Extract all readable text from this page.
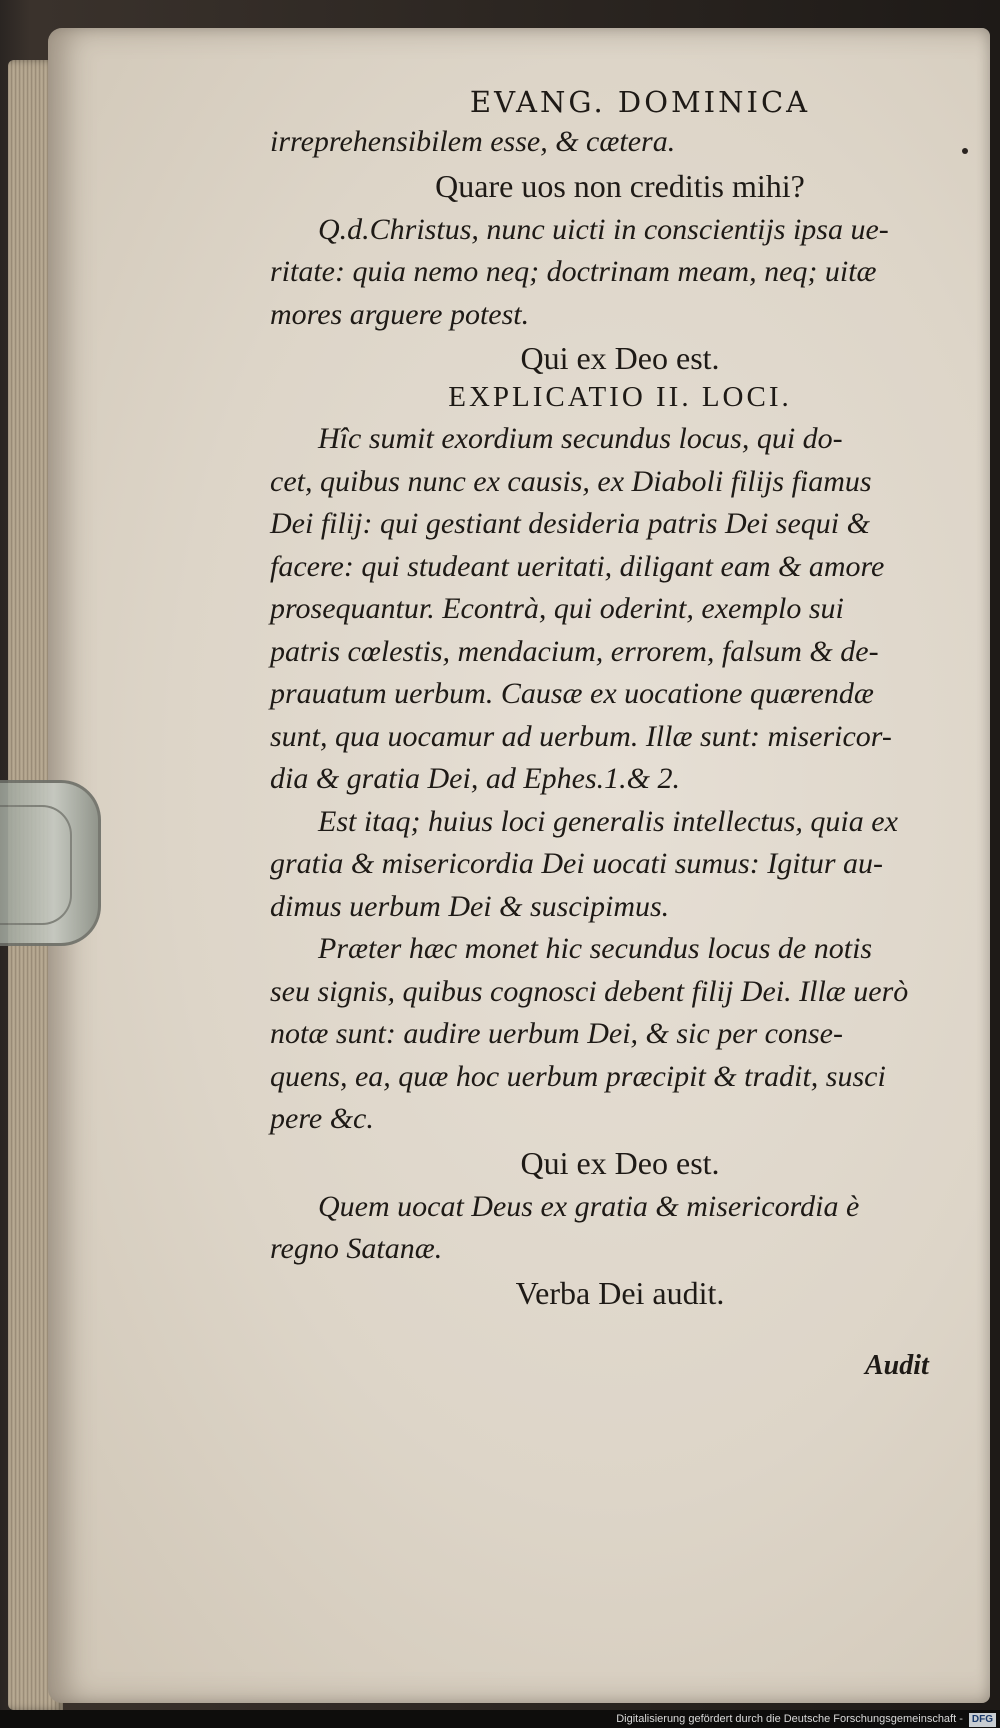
EVANG. DOMINICA
irreprehensibilem esse, & cætera.
Quare uos non creditis mihi?
Q.d.Christus, nunc uicti in conscientijs ipsa ue-
ritate: quia nemo neq; doctrinam meam, neq; uitæ
mores arguere potest.
Qui ex Deo est.
EXPLICATIO II. LOCI.
Hîc sumit exordium secundus locus, qui do-
cet, quibus nunc ex causis, ex Diaboli filijs fiamus
Dei filij: qui gestiant desideria patris Dei sequi &
facere: qui studeant ueritati, diligant eam & amore
prosequantur. Econtrà, qui oderint, exemplo sui
patris cœlestis, mendacium, errorem, falsum & de-
prauatum uerbum. Causæ ex uocatione quærendæ
sunt, qua uocamur ad uerbum. Illæ sunt: misericor-
dia & gratia Dei, ad Ephes.1.& 2.
Est itaq; huius loci generalis intellectus, quia ex
gratia & misericordia Dei uocati sumus: Igitur au-
dimus uerbum Dei & suscipimus.
Præter hæc monet hic secundus locus de notis
seu signis, quibus cognosci debent filij Dei. Illæ uerò
notæ sunt: audire uerbum Dei, & sic per conse-
quens, ea, quæ hoc uerbum præcipit & tradit, susci
pere &c.
Qui ex Deo est.
Quem uocat Deus ex gratia & misericordia è
regno Satanæ.
Verba Dei audit.
Audit
Digitalisierung gefördert durch die Deutsche Forschungsgemeinschaft - DFG
